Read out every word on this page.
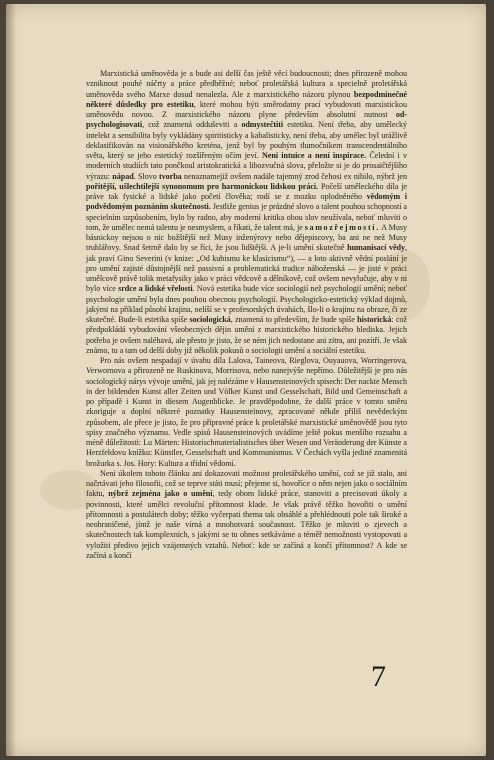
Marxistická uměnověda je a bude asi delší čas ještě věcí budoucnosti; dnes přirozeně mohou vzniknout pouhé náčrty a práce předběžné; neboť proletářská kultura a specielně proletářská uměnověda svého Marxe dosud nenalezla. Ale z marxistického názoru plynou bezpodmínečné některé důsledky pro estetiku, které mohou býti směrodatny prací vybudovati marxistickou uměnovědu novou. Z marxistického názoru plyne především absolutní nutnost od-psychologisovati, což znamená odduševiti a odmystečtiti estetiku. Není třeba, aby umělecký intelekt a sensibilita byly vykládány spiritisticky a kabalisticky, není třeba, aby umělec byl urážlivě deklasifikován na visionářského kreténa, jenž byl by pouhým tlumočníkem transcendentálního světa, který se jeho estetický rozšířeným očím jeví. Není intuice a není inspirace. Čelední i v moderních studiích tato pončkoul aristokratická a libozvučná slova, přeložte si je do prosaičtějšího výrazu: nápad. Slovo tvorba nenaznamejiž ovšem nadále tajemný zrod čehosi ex nihilo, nýbrž jen pořitější, ušlechtilejší synonomum pro harmonickou lidskou práci. Počeší uměleckého díla je práve tak fysické a lidské jako početí člověka; rodí se z mozku oplodněného vědomým i podvědomým poznáním skutečnosti. Jestliže genius je prázdné slovo a talent pouhou schopností a specielním uzpůsobením, bylo by radno, aby moderní kritika obou slov neužívala, neboť mluvíti o tom, že umělec nemá talentu je nesmyslem, a říkati, že talent má, je samozřejmostí. A Musy básnickoy nejsou o nic božštější než Musy inženýrovy nebo dějepiscovy, ba ani ne než Musy truhlářovy. Snad šetrně dalo by se říci, že jsou lidštější. A je-li umění skutečně humanisací vědy, jak praví Gino Severini (v knize: „Od kubismu ke klasicismu“), — a loto aktivně vědní poslání je pro umění zajisté důstojnější než passivní a problematická tradice náboženská — je jisté v práci umělcově právě tolik metafysiky jako v práci vědcově a dělníkově, což ovšem nevylučuje, aby v ni bylo více srdce a lidské vřelosti. Nová estetika bude více sociologií než psychologií umění; neboť psychologie umění byla dnes pouhou obecnou psychologií. Psychologicko-estetický výklad dojmů, jakými na příklad působí krajina, nelíší se v profesorských úvahách, šlo-li o krajinu na obraze, či ze skutečné. Bude-li estetika spíše sociologická, znamená to především, že bude spíše historická: což předpokládá vybudování všeobecných dějin umění z marxistického historického hlediska. Jejich potřeba je ovšem naléhavá, ale přesto je jisto, že se ném jich nedostane ani zítra, ani pozítří. Je však známo, tu a tam od delší doby již několik pokusů o sociologii umění a sociální estetiku.

Pro nás ovšem nespadají v úvahu díla Lalova, Taineova, Rieglova, Ouyauova, Worringerova, Verwornova a přirozeně ne Ruskinova, Morrisova, nebo nanejvýše nepřímo. Důležitější je pro nás sociologický nárys vývoje umění, jak jej nalézáme v Hausensteinových spisech: Der nackte Mensch in der bildenden Kunst aller Zeiten und Völker Kunst und Gesselschaft, Bild und Gemeinschaft a po případě i Kunst in diesem Augenblicke. Je pravděpodobne, že další práce v tomto směru zkoriguje a doplní některé poznatky Hausensteinovy, zpracované někde příliš nevědeckým způsobem, ale přece je jisto, že pro připravné práce k proletářské marxistické uměnovědě jsou tyto spisy značného významu. Vedle spisů Hausensteinových uvádíme ještě pokus menšího rozsahu a méně důležitosti: Lu Märten: Historischmaterialistisches über Wesen und Veränderung der Künste a Herzfeldovu knížku: Künstler, Gesselschaft und Kommunismus. V Čechách vyšla jediné znamenitá brožurka s. Jos. Hory: Kultura a třídní vědomí.

Není úkolem tohoto článku ani dokazovati možnost proletářského umění, což se již stalo, ani načrtávati jeho filosofii, což se teprve státi musí; přejeme si, hovoříce o něm nejen jako o sociálním faktu, nýbrž zejména jako o umění, tedy obom lidské práce, stanoviti a precisovati úkoly a povinnosti, které umělci revoluční přítomnost klade. Je však právě těžko hovořiti o umění přítomnosti a postulátech doby; těžko vyčerpati thema tak obsáhlé a přehlédnouti pole tak široké a neohraničené, jímž je naše vírná a mnohotvará současnost. Těžko je mluviti o zjevech a skutečnostech tak komplexních, s jakými se tu ohnes setkáváme a téměř nemožnosti vystopovati a vyložiti předivo jejich vzájemných vztahů. Neboť: kde se začíná a končí přítomnost? A kde se začíná a končí

7
